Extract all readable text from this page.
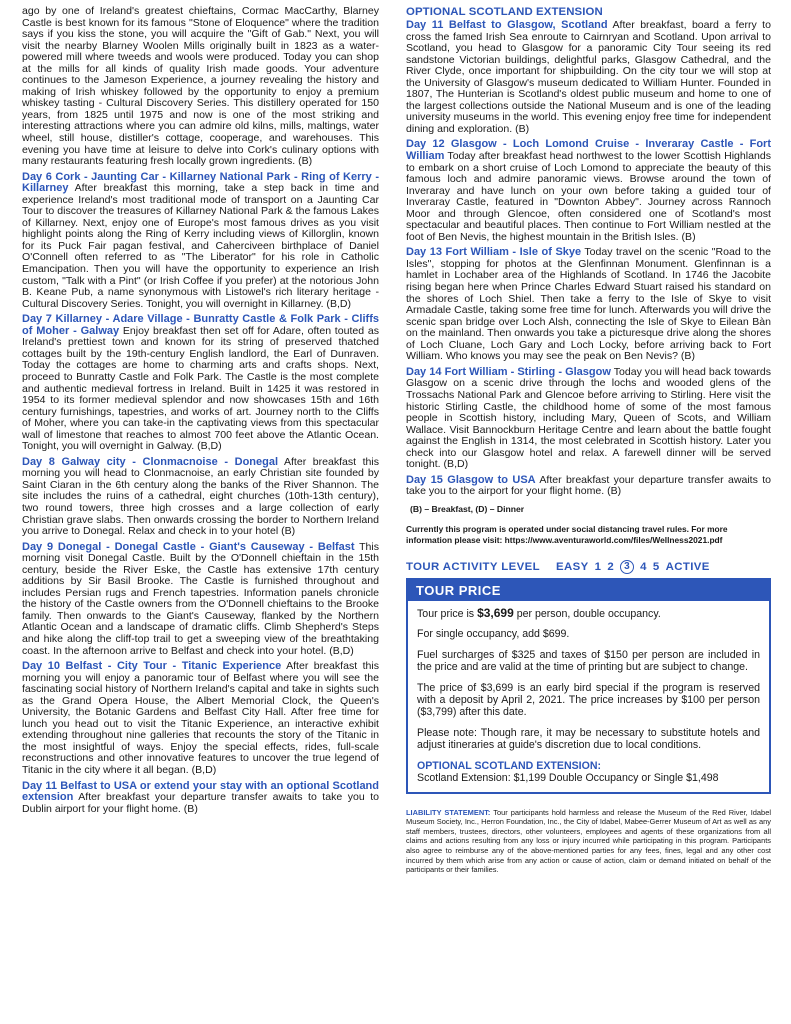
ago by one of Ireland's greatest chieftains, Cormac MacCarthy, Blarney Castle is best known for its famous "Stone of Eloquence" where the tradition says if you kiss the stone, you will acquire the "Gift of Gab." Next, you will visit the nearby Blarney Woolen Mills originally built in 1823 as a water-powered mill where tweeds and wools were produced. Today you can shop at the mills for all kinds of quality Irish made goods. Your adventure continues to the Jameson Experience, a journey revealing the history and making of Irish whiskey followed by the opportunity to enjoy a premium whiskey tasting - Cultural Discovery Series. This distillery operated for 150 years, from 1825 until 1975 and now is one of the most striking and interesting attractions where you can admire old kilns, mills, maltings, water wheel, still house, distiller's cottage, cooperage, and warehouses. This evening you have time at leisure to delve into Cork's culinary options with many restaurants featuring fresh locally grown ingredients. (B)

Day 6 Cork - Jaunting Car - Killarney National Park - Ring of Kerry - Killarney After breakfast this morning, take a step back in time and experience Ireland's most traditional mode of transport on a Jaunting Car Tour to discover the treasures of Killarney National Park & the famous Lakes of Killarney. Next, enjoy one of Europe's most famous drives as you visit highlight points along the Ring of Kerry including views of Killorglin, known for its Puck Fair pagan festival, and Caherciveen birthplace of Daniel O'Connell often referred to as "The Liberator" for his role in Catholic Emancipation. Then you will have the opportunity to experience an Irish custom, "Talk with a Pint" (or Irish Coffee if you prefer) at the notorious John B. Keane Pub, a name synonymous with Listowel's rich literary heritage - Cultural Discovery Series. Tonight, you will overnight in Killarney. (B,D)

Day 7 Killarney - Adare Village - Bunratty Castle & Folk Park - Cliffs of Moher - Galway Enjoy breakfast then set off for Adare, often touted as Ireland's prettiest town and known for its string of preserved thatched cottages built by the 19th-century English landlord, the Earl of Dunraven. Today the cottages are home to charming arts and crafts shops. Next, proceed to Bunratty Castle and Folk Park. The Castle is the most complete and authentic medieval fortress in Ireland. Built in 1425 it was restored in 1954 to its former medieval splendor and now showcases 15th and 16th century furnishings, tapestries, and works of art. Journey north to the Cliffs of Moher, where you can take-in the captivating views from this spectacular wall of limestone that reaches to almost 700 feet above the Atlantic Ocean. Tonight, you will overnight in Galway. (B,D)

Day 8 Galway city - Clonmacnoise - Donegal After breakfast this morning you will head to Clonmacnoise, an early Christian site founded by Saint Ciaran in the 6th century along the banks of the River Shannon. The site includes the ruins of a cathedral, eight churches (10th-13th century), two round towers, three high crosses and a large collection of early Christian grave slabs. Then onwards crossing the border to Northern Ireland you arrive to Donegal. Relax and check in to your hotel (B)

Day 9 Donegal - Donegal Castle - Giant's Causeway - Belfast This morning visit Donegal Castle. Built by the O'Donnell chieftain in the 15th century, beside the River Eske, the Castle has extensive 17th century additions by Sir Basil Brooke. The Castle is furnished throughout and includes Persian rugs and French tapestries. Information panels chronicle the history of the Castle owners from the O'Donnell chieftains to the Brooke family. Then onwards to the Giant's Causeway, flanked by the Northern Atlantic Ocean and a landscape of dramatic cliffs. Climb Shepherd's Steps and hike along the cliff-top trail to get a sweeping view of the breathtaking coast. In the afternoon arrive to Belfast and check into your hotel. (B,D)

Day 10 Belfast - City Tour - Titanic Experience After breakfast this morning you will enjoy a panoramic tour of Belfast where you will see the fascinating social history of Northern Ireland's capital and take in sights such as the Grand Opera House, the Albert Memorial Clock, the Queen's University, the Botanic Gardens and Belfast City Hall. After free time for lunch you head out to visit the Titanic Experience, an interactive exhibit extending throughout nine galleries that recounts the story of the Titanic in the most insightful of ways. Enjoy the special effects, rides, full-scale reconstructions and other innovative features to uncover the true legend of Titanic in the city where it all began. (B,D)

Day 11 Belfast to USA or extend your stay with an optional Scotland extension After breakfast your departure transfer awaits to take you to Dublin airport for your flight home. (B)

OPTIONAL SCOTLAND EXTENSION

Day 11 Belfast to Glasgow, Scotland After breakfast, board a ferry to cross the famed Irish Sea enroute to Cairnryan and Scotland. Upon arrival to Scotland, you head to Glasgow for a panoramic City Tour seeing its red sandstone Victorian buildings, delightful parks, Glasgow Cathedral, and the River Clyde, once important for shipbuilding. On the city tour we will stop at the University of Glasgow's museum dedicated to William Hunter. Founded in 1807, The Hunterian is Scotland's oldest public museum and home to one of the largest collections outside the National Museum and is one of the leading university museums in the world. This evening enjoy free time for independent dining and exploration. (B)

Day 12 Glasgow - Loch Lomond Cruise - Inveraray Castle - Fort William Today after breakfast head northwest to the lower Scottish Highlands to embark on a short cruise of Loch Lomond to appreciate the beauty of this famous loch and admire panoramic views. Browse around the town of Inveraray and have lunch on your own before taking a guided tour of Inveraray Castle, featured in "Downton Abbey". Journey across Rannoch Moor and through Glencoe, often considered one of Scotland's most spectacular and beautiful places. Then continue to Fort William nestled at the foot of Ben Nevis, the highest mountain in the British Isles. (B)

Day 13 Fort William - Isle of Skye Today travel on the scenic "Road to the Isles", stopping for photos at the Glenfinnan Monument. Glenfinnan is a hamlet in Lochaber area of the Highlands of Scotland. In 1746 the Jacobite rising began here when Prince Charles Edward Stuart raised his standard on the shores of Loch Shiel. Then take a ferry to the Isle of Skye to visit Armadale Castle, taking some free time for lunch. Afterwards you will drive the scenic span bridge over Loch Alsh, connecting the Isle of Skye to Eilean Bàn on the mainland. Then onwards you take a picturesque drive along the shores of Loch Cluane, Loch Gary and Loch Locky, before arriving back to Fort William. Who knows you may see the peak on Ben Nevis? (B)

Day 14 Fort William - Stirling - Glasgow Today you will head back towards Glasgow on a scenic drive through the lochs and wooded glens of the Trossachs National Park and Glencoe before arriving to Stirling. Here visit the historic Stirling Castle, the childhood home of some of the most famous people in Scottish history, including Mary, Queen of Scots, and William Wallace. Visit Bannockburn Heritage Centre and learn about the battle fought against the English in 1314, the most celebrated in Scottish history. Later you check into our Glasgow hotel and relax. A farewell dinner will be served tonight. (B,D)

Day 15 Glasgow to USA After breakfast your departure transfer awaits to take you to the airport for your flight home. (B)

(B) – Breakfast, (D) – Dinner

Currently this program is operated under social distancing travel rules. For more information please visit: https://www.aventuraworld.com/files/Wellness2021.pdf

TOUR ACTIVITY LEVEL EASY 1 2	3 4 5 ACTIVE
TOUR PRICE

Tour price is $3,699 per person, double occupancy.

For single occupancy, add $699.

Fuel surcharges of $325 and taxes of $150 per person are included in the price and are valid at the time of printing but are subject to change.

The price of $3,699 is an early bird special if the program is reserved with a deposit by April 2, 2021. The price increases by $100 per person ($3,799) after this date.

Please note: Though rare, it may be necessary to substitute hotels and adjust itineraries at guide's discretion due to local conditions.

OPTIONAL SCOTLAND EXTENSION:

Scotland Extension: $1,199 Double Occupancy or Single $1,498

LIABILITY STATEMENT: Tour participants hold harmless and release the Museum of the Red River, Idabel Museum Society, Inc., Herron Foundation, Inc., the City of Idabel, Mabee-Gerrer Museum of Art as well as any staff members, trustees, directors, other volunteers, employees and agents of these organizations from all claims and actions resulting from any loss or injury incurred while participating in this program. Participants also agree to reimburse any of the above-mentioned parties for any fees, fines, legal and any other cost incurred by them which arise from any action or cause of action, claim or demand initiated on behalf of the participants or their families.
